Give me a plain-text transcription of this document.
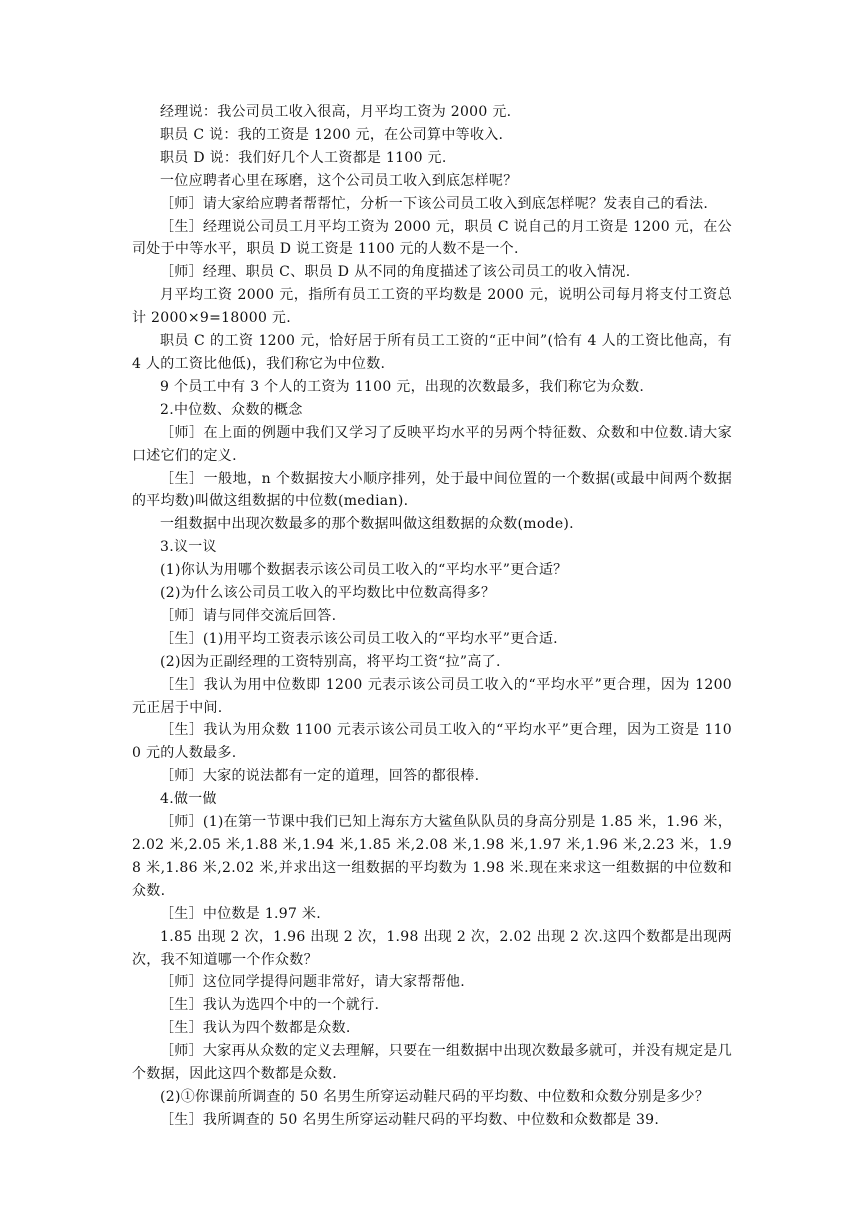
经理说：我公司员工收入很高，月平均工资为 2000 元.

职员 C 说：我的工资是 1200 元，在公司算中等收入.

职员 D 说：我们好几个人工资都是 1100 元.

一位应聘者心里在琢磨，这个公司员工收入到底怎样呢？

［师］请大家给应聘者帮帮忙，分析一下该公司员工收入到底怎样呢？发表自己的看法.

［生］经理说公司员工月平均工资为 2000 元，职员 C 说自己的月工资是 1200 元，在公司处于中等水平，职员 D 说工资是 1100 元的人数不是一个.

［师］经理、职员 C、职员 D 从不同的角度描述了该公司员工的收入情况.

月平均工资 2000 元，指所有员工工资的平均数是 2000 元，说明公司每月将支付工资总计 2000×9=18000 元.

职员 C 的工资 1200 元，恰好居于所有员工工资的“正中间”(恰有 4 人的工资比他高，有 4 人的工资比他低)，我们称它为中位数.

9 个员工中有 3 个人的工资为 1100 元，出现的次数最多，我们称它为众数.

2.中位数、众数的概念

［师］在上面的例题中我们又学习了反映平均水平的另两个特征数、众数和中位数.请大家口述它们的定义.

［生］一般地，n 个数据按大小顺序排列，处于最中间位置的一个数据(或最中间两个数据的平均数)叫做这组数据的中位数(median).

一组数据中出现次数最多的那个数据叫做这组数据的众数(mode).

3.议一议

(1)你认为用哪个数据表示该公司员工收入的“平均水平”更合适？

(2)为什么该公司员工收入的平均数比中位数高得多？

［师］请与同伴交流后回答.

［生］(1)用平均工资表示该公司员工收入的“平均水平”更合适.

(2)因为正副经理的工资特别高，将平均工资“拉”高了.

［生］我认为用中位数即 1200 元表示该公司员工收入的“平均水平”更合理，因为 1200 元正居于中间.

［生］我认为用众数 1100 元表示该公司员工收入的“平均水平”更合理，因为工资是 1100 元的人数最多.

［师］大家的说法都有一定的道理，回答的都很棒.

4.做一做

［师］(1)在第一节课中我们已知上海东方大鲨鱼队队员的身高分别是 1.85 米，1.96 米，2.02 米,2.05 米,1.88 米,1.94 米,1.85 米,2.08 米,1.98 米,1.97 米,1.96 米,2.23 米，1.98 米,1.86 米,2.02 米,并求出这一组数据的平均数为 1.98 米.现在来求这一组数据的中位数和众数.

［生］中位数是 1.97 米.

1.85 出现 2 次，1.96 出现 2 次，1.98 出现 2 次，2.02 出现 2 次.这四个数都是出现两次，我不知道哪一个作众数？

［师］这位同学提得问题非常好，请大家帮帮他.

［生］我认为选四个中的一个就行.

［生］我认为四个数都是众数.

［师］大家再从众数的定义去理解，只要在一组数据中出现次数最多就可，并没有规定是几个数据，因此这四个数都是众数.

(2)①你课前所调查的 50 名男生所穿运动鞋尺码的平均数、中位数和众数分别是多少？

［生］我所调查的 50 名男生所穿运动鞋尺码的平均数、中位数和众数都是 39.
